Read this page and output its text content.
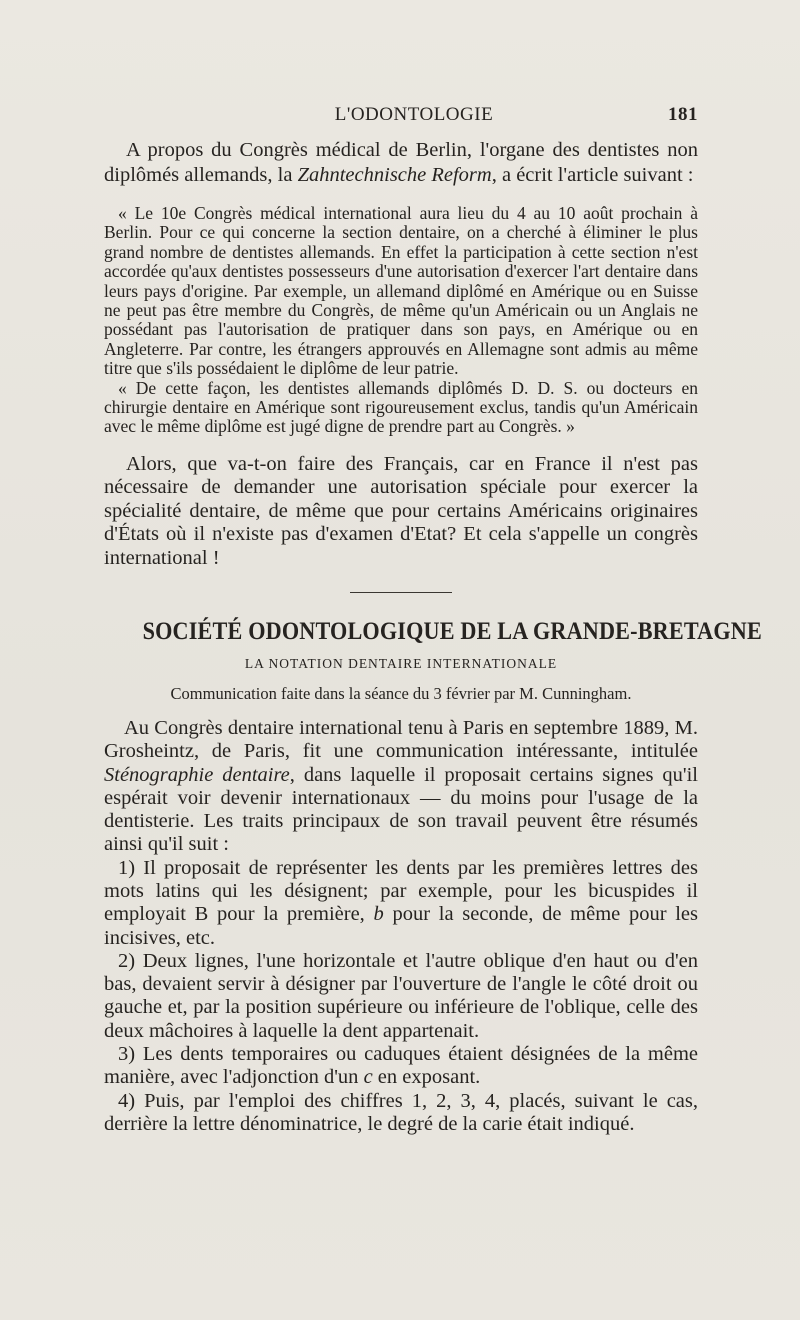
L'ODONTOLOGIE	181

A propos du Congrès médical de Berlin, l'organe des dentistes non diplômés allemands, la Zahntechnische Reform, a écrit l'article suivant :

« Le 10e Congrès médical international aura lieu du 4 au 10 août prochain à Berlin. Pour ce qui concerne la section dentaire, on a cherché à éliminer le plus grand nombre de dentistes allemands. En effet la participation à cette section n'est accordée qu'aux dentistes possesseurs d'une autorisation d'exercer l'art dentaire dans leurs pays d'origine. Par exemple, un allemand diplômé en Amérique ou en Suisse ne peut pas être membre du Congrès, de même qu'un Américain ou un Anglais ne possédant pas l'autorisation de pratiquer dans son pays, en Amérique ou en Angleterre. Par contre, les étrangers approuvés en Allemagne sont admis au même titre que s'ils possédaient le diplôme de leur patrie.

« De cette façon, les dentistes allemands diplômés D. D. S. ou docteurs en chirurgie dentaire en Amérique sont rigoureusement exclus, tandis qu'un Américain avec le même diplôme est jugé digne de prendre part au Congrès. »

Alors, que va-t-on faire des Français, car en France il n'est pas nécessaire de demander une autorisation spéciale pour exercer la spécialité dentaire, de même que pour certains Américains originaires d'États où il n'existe pas d'examen d'Etat? Et cela s'appelle un congrès international !

SOCIÉTÉ ODONTOLOGIQUE DE LA GRANDE-BRETAGNE
LA NOTATION DENTAIRE INTERNATIONALE
Communication faite dans la séance du 3 février par M. Cunningham.

Au Congrès dentaire international tenu à Paris en septembre 1889, M. Grosheintz, de Paris, fit une communication intéressante, intitulée Sténographie dentaire, dans laquelle il proposait certains signes qu'il espérait voir devenir internationaux — du moins pour l'usage de la dentisterie. Les traits principaux de son travail peuvent être résumés ainsi qu'il suit :

1) Il proposait de représenter les dents par les premières lettres des mots latins qui les désignent; par exemple, pour les bicuspides il employait B pour la première, b pour la seconde, de même pour les incisives, etc.

2) Deux lignes, l'une horizontale et l'autre oblique d'en haut ou d'en bas, devaient servir à désigner par l'ouverture de l'angle le côté droit ou gauche et, par la position supérieure ou inférieure de l'oblique, celle des deux mâchoires à laquelle la dent appartenait.

3) Les dents temporaires ou caduques étaient désignées de la même manière, avec l'adjonction d'un c en exposant.

4) Puis, par l'emploi des chiffres 1, 2, 3, 4, placés, suivant le cas, derrière la lettre dénominatrice, le degré de la carie était indiqué.
